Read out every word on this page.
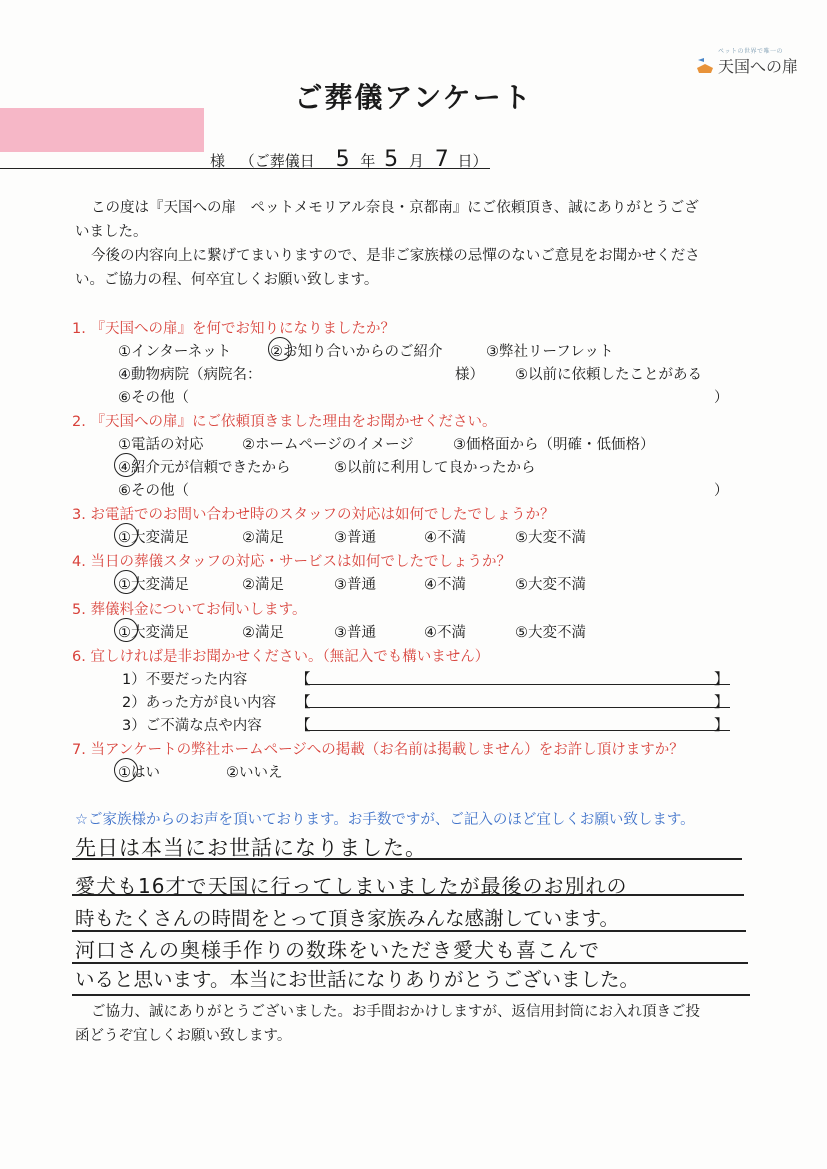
ペットの世界で唯一の
天国への扉
ご葬儀アンケート
様 （ご葬儀日 5 年 5 月 7 日）
この度は『天国への扉　ペットメモリアル奈良・京都南』にご依頼頂き、誠にありがとうござ
いました。
今後の内容向上に繋げてまいりますので、是非ご家族様の忌憚のないご意見をお聞かせくださ
い。ご協力の程、何卒宜しくお願い致します。
1. 『天国への扉』を何でお知りになりましたか？
①インターネット	②お知り合いからのご紹介	③弊社リーフレット
④動物病院（病院名：	様） ⑤以前に依頼したことがある
⑥その他（	）
2. 『天国への扉』にご依頼頂きました理由をお聞かせください。
①電話の対応	②ホームページのイメージ	③価格面から（明確・低価格）
④紹介元が信頼できたから	⑤以前に利用して良かったから
⑥その他（	）
3. お電話でのお問い合わせ時のスタッフの対応は如何でしたでしょうか？
①大変満足	②満足	③普通	④不満	⑤大変不満
4. 当日の葬儀スタッフの対応・サービスは如何でしたでしょうか？
①大変満足	②満足	③普通	④不満	⑤大変不満
5. 葬儀料金についてお伺いします。
①大変満足	②満足	③普通	④不満	⑤大変不満
6. 宜しければ是非お聞かせください。（無記入でも構いません）
1）不要だった内容	【	】
2）あった方が良い内容 【	】
3）ご不満な点や内容 【	】
7. 当アンケートの弊社ホームページへの掲載（お名前は掲載しません）をお許し頂けますか？
①はい	②いいえ
☆ご家族様からのお声を頂いております。お手数ですが、ご記入のほど宜しくお願い致します。
先日は本当にお世話になりました。
愛犬も16才で天国に行ってしまいましたが最後のお別れの
時もたくさんの時間をとって頂き家族みんな感謝しています。
河口さんの奥様手作りの数珠をいただき愛犬も喜こんで
いると思います。本当にお世話になりありがとうございました。
ご協力、誠にありがとうございました。お手間おかけしますが、返信用封筒にお入れ頂きご投
函どうぞ宜しくお願い致します。
